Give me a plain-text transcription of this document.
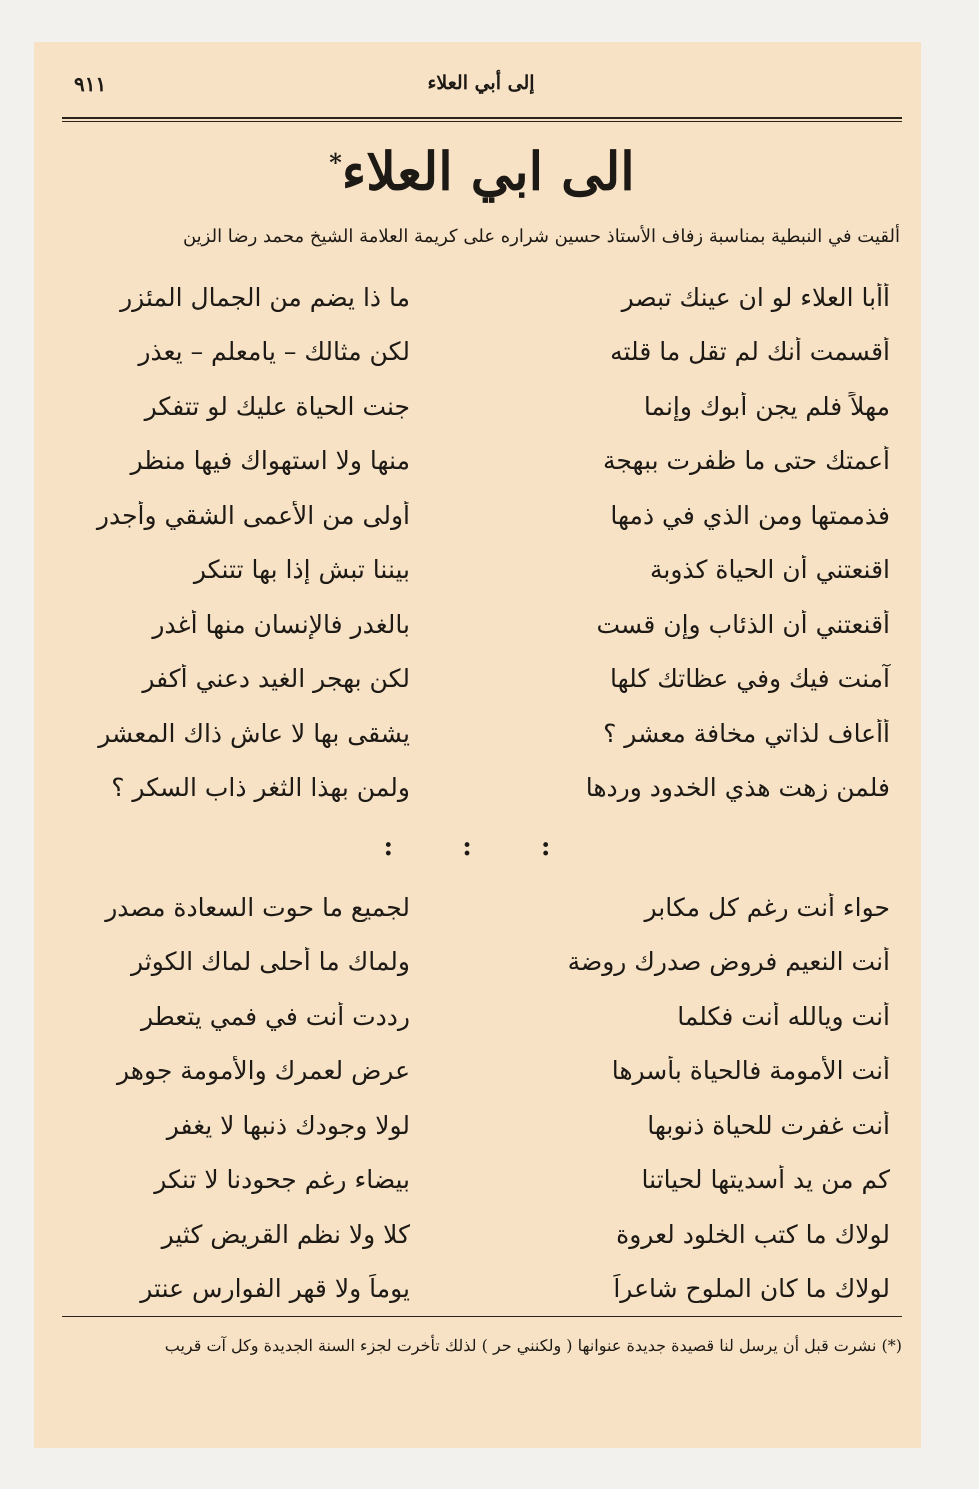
إلى أبي العلاء
٩١١
الى ابي العلاء*
ألقيت في النبطية بمناسبة زفاف الأستاذ حسين شراره على كريمة العلامة الشيخ محمد رضا الزين
أأبا العلاء لو ان عينك تبصر
ما ذا يضم من الجمال المئزر
أقسمت أنك لم تقل ما قلته
لكن مثالك – يامعلم – يعذر
مهلاً فلم يجن أبوك وإنما
جنت الحياة عليك لو تتفكر
أعمتك حتى ما ظفرت ببهجة
منها ولا استهواك فيها منظر
فذممتها ومن الذي في ذمها
أولى من الأعمى الشقي وأجدر
اقنعتني أن الحياة كذوبة
بيننا تبش إذا بها تتنكر
أقنعتني أن الذئاب وإن قست
بالغدر فالإنسان منها أغدر
آمنت فيك وفي عظاتك كلها
لكن بهجر الغيد دعني أكفر
أأعاف لذاتي مخافة معشر ؟
يشقى بها لا عاش ذاك المعشر
فلمن زهت هذي الخدود وردها
ولمن بهذا الثغر ذاب السكر ؟
: : :
حواء أنت رغم كل مكابر
لجميع ما حوت السعادة مصدر
أنت النعيم فروض صدرك روضة
ولماك ما أحلى لماك الكوثر
أنت ويالله أنت فكلما
رددت أنت في فمي يتعطر
أنت الأمومة فالحياة بأسرها
عرض لعمرك والأمومة جوهر
أنت غفرت للحياة ذنوبها
لولا وجودك ذنبها لا يغفر
كم من يد أسديتها لحياتنا
بيضاء رغم جحودنا لا تنكر
لولاك ما كتب الخلود لعروة
كلا ولا نظم القريض كثير
لولاك ما كان الملوح شاعراً
يوماً ولا قهر الفوارس عنتر
(*) نشرت قبل أن يرسل لنا قصيدة جديدة عنوانها ( ولكنني حر ) لذلك تأخرت لجزء السنة الجديدة وكل آت قريب
